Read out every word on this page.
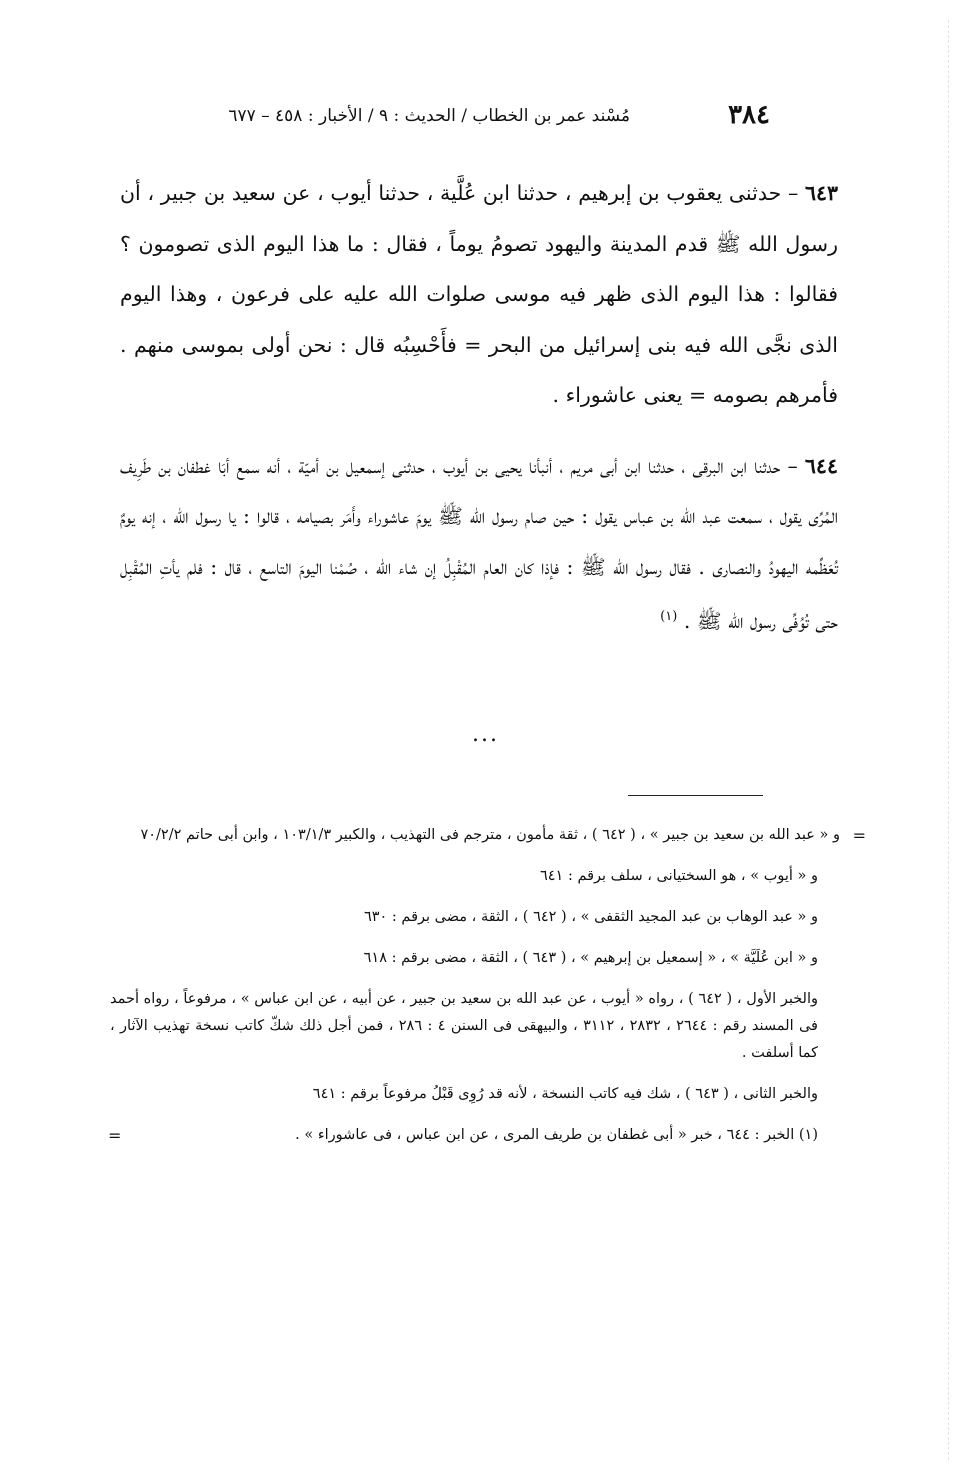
٣٨٤
مُسْند عمر بن الخطاب / الحديث : ٩ / الأخبار : ٤٥٨ – ٦٧٧

٦٤٣ – حدثنى يعقوب بن إبرهيم ، حدثنا ابن عُلَّية ، حدثنا أيوب ، عن سعيد بن جبير ، أن رسول الله ﷺ قدم المدينة واليهود تصومُ يوماً ، فقال : ما هذا اليوم الذى تصومون ؟ فقالوا : هذا اليوم الذى ظهر فيه موسى صلوات الله عليه على فرعون ، وهذا اليوم الذى نجَّى الله فيه بنى إسرائيل من البحر = فأَحْسِبُه قال : نحن أولى بموسى منهم . فأمرهم بصومه = يعنى عاشوراء .

٦٤٤ – حدثنا ابن البرقى ، حدثنا ابن أبى مريم ، أنبأنا يحيى بن أيوب ، حدثنى إسمعيل بن أميّة ، أنه سمع أبَا غطفان بن طَرِيف المُرِّى يقول ، سمعت عبد الله بن عباس يقول : حين صام رسول الله ﷺ يومَ عاشوراء وأَمَر بصيامه ، قالوا : يا رسول الله ، إنه يومٌ تُعَظِّمه اليهودُ والنصارى . فقال رسول الله ﷺ : فإذا كان العام المُقْبِلُ إن شاء الله ، صُمْنا اليومَ التاسع ، قال : فلم يأتِ المُقْبِل حتى تُوُفِّى رسول الله ﷺ . $^{(١)}$

...

=
و « عبد الله بن سعيد بن جبير » ، ( ٦٤٢ ) ، ثقة مأمون ، مترجم فى التهذيب ، والكبير ١٠٣/١/٣ ، وابن أبى حاتم ٧٠/٢/٢

و « أيوب » ، هو السختيانى ، سلف برقم : ٦٤١

و « عبد الوهاب بن عبد المجيد الثقفى » ، ( ٦٤٢ ) ، الثقة ، مضى برقم : ٦٣٠

و « ابن عُلَيَّة » ، « إسمعيل بن إبرهيم » ، ( ٦٤٣ ) ، الثقة ، مضى برقم : ٦١٨

والخبر الأول ، ( ٦٤٢ ) ، رواه « أيوب ، عن عبد الله بن سعيد بن جبير ، عن أبيه ، عن ابن عباس » ، مرفوعاً ، رواه أحمد فى المسند رقم : ٢٦٤٤ ، ٢٨٣٢ ، ٣١١٢ ، والبيهقى فى السنن ٤ : ٢٨٦ ، فمن أجل ذلك شكّ كاتب نسخة تهذيب الآثار ، كما أسلفت .

والخبر الثانى ، ( ٦٤٣ ) ، شك فيه كاتب النسخة ، لأنه قد رُوِى قَبْلُ مرفوعاً برقم : ٦٤١

=	(١) الخبر : ٦٤٤ ، خبر « أبى غطفان بن طريف المرى ، عن ابن عباس ، فى عاشوراء » .
